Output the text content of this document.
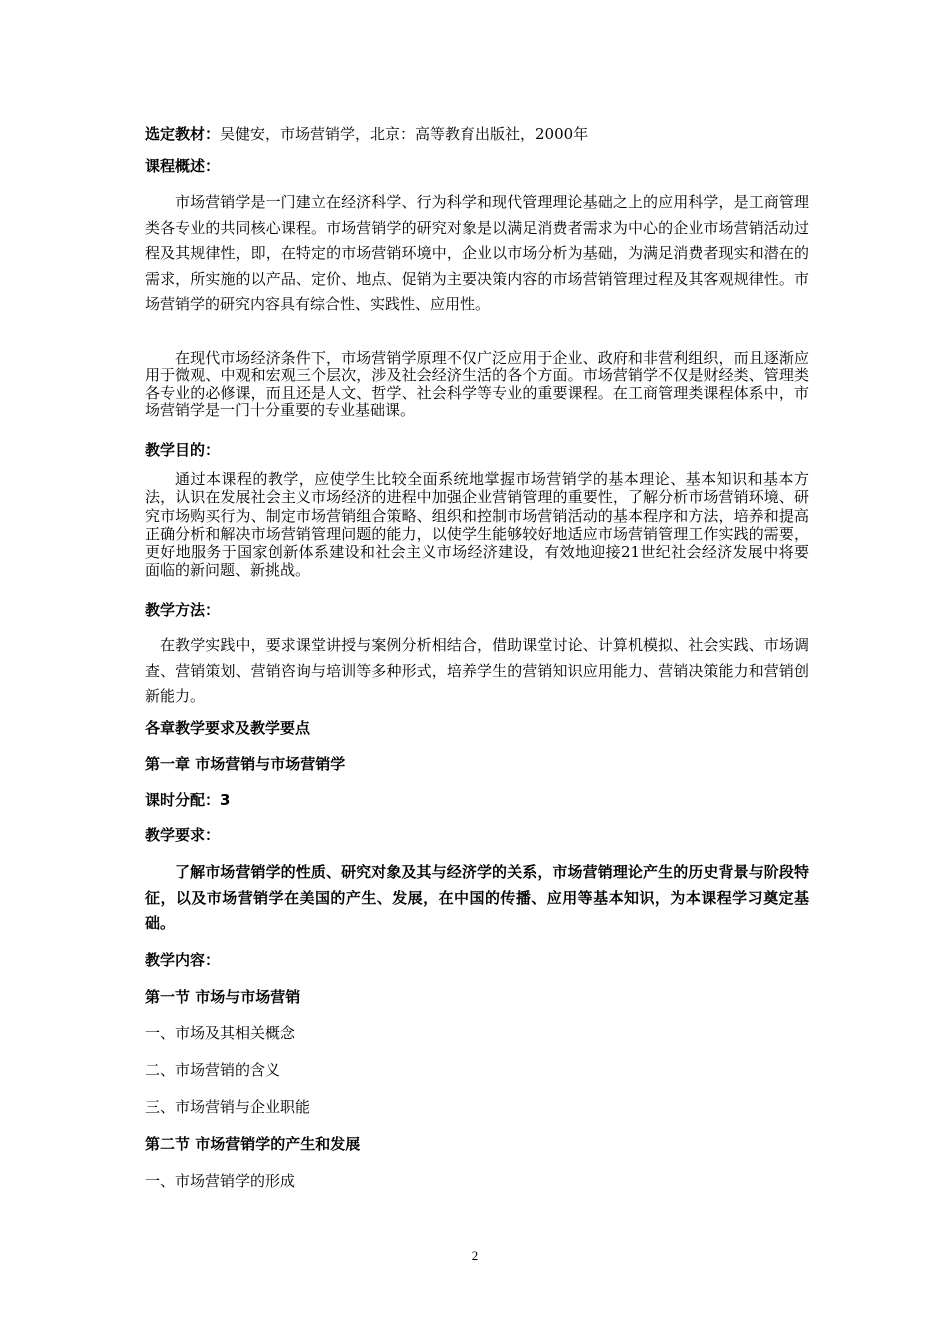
选定教材：吴健安，市场营销学，北京：高等教育出版社，2000年

课程概述：

市场营销学是一门建立在经济科学、行为科学和现代管理理论基础之上的应用科学，是工商管理类各专业的共同核心课程。市场营销学的研究对象是以满足消费者需求为中心的企业市场营销活动过程及其规律性，即，在特定的市场营销环境中，企业以市场分析为基础，为满足消费者现实和潜在的需求，所实施的以产品、定价、地点、促销为主要决策内容的市场营销管理过程及其客观规律性。市场营销学的研究内容具有综合性、实践性、应用性。

在现代市场经济条件下，市场营销学原理不仅广泛应用于企业、政府和非营利组织，而且逐渐应用于微观、中观和宏观三个层次，涉及社会经济生活的各个方面。市场营销学不仅是财经类、管理类各专业的必修课，而且还是人文、哲学、社会科学等专业的重要课程。在工商管理类课程体系中，市场营销学是一门十分重要的专业基础课。

教学目的：

通过本课程的教学，应使学生比较全面系统地掌握市场营销学的基本理论、基本知识和基本方法，认识在发展社会主义市场经济的进程中加强企业营销管理的重要性，了解分析市场营销环境、研究市场购买行为、制定市场营销组合策略、组织和控制市场营销活动的基本程序和方法，培养和提高正确分析和解决市场营销管理问题的能力，以使学生能够较好地适应市场营销管理工作实践的需要，更好地服务于国家创新体系建设和社会主义市场经济建设，有效地迎接21世纪社会经济发展中将要面临的新问题、新挑战。

教学方法：

在教学实践中，要求课堂讲授与案例分析相结合，借助课堂讨论、计算机模拟、社会实践、市场调查、营销策划、营销咨询与培训等多种形式，培养学生的营销知识应用能力、营销决策能力和营销创新能力。

各章教学要求及教学要点

第一章 市场营销与市场营销学

课时分配：3

教学要求：

了解市场营销学的性质、研究对象及其与经济学的关系，市场营销理论产生的历史背景与阶段特征，以及市场营销学在美国的产生、发展，在中国的传播、应用等基本知识，为本课程学习奠定基础。

教学内容：

第一节 市场与市场营销

一、市场及其相关概念

二、市场营销的含义

三、市场营销与企业职能

第二节 市场营销学的产生和发展

一、市场营销学的形成

2
